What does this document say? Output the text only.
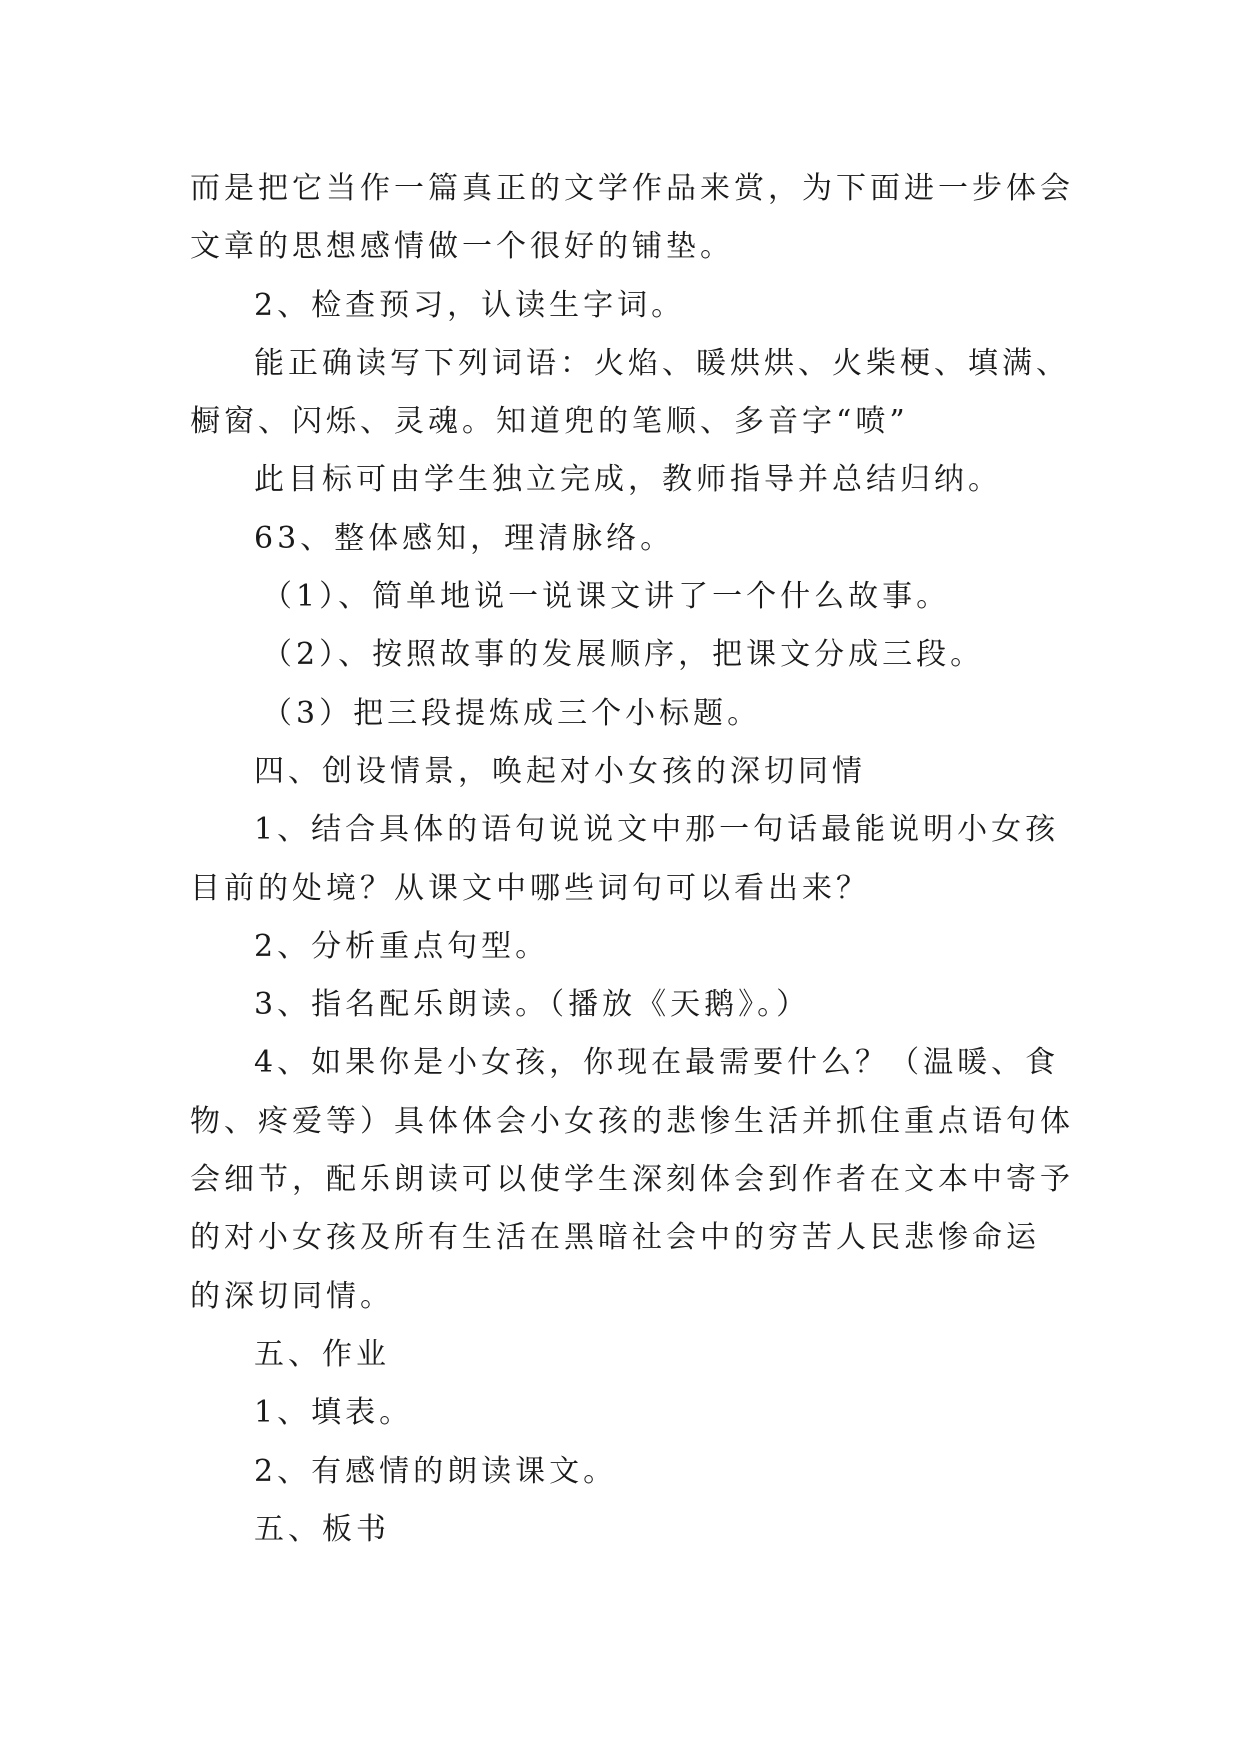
而是把它当作一篇真正的文学作品来赏，为下面进一步体会
文章的思想感情做一个很好的铺垫。
2、检查预习，认读生字词。
能正确读写下列词语：火焰、暖烘烘、火柴梗、填满、
橱窗、闪烁、灵魂。知道兜的笔顺、多音字“喷”
此目标可由学生独立完成，教师指导并总结归纳。
63、整体感知，理清脉络。
（1）、简单地说一说课文讲了一个什么故事。
（2）、按照故事的发展顺序，把课文分成三段。
（3）把三段提炼成三个小标题。
四、创设情景，唤起对小女孩的深切同情
1、结合具体的语句说说文中那一句话最能说明小女孩
目前的处境？从课文中哪些词句可以看出来？
2、分析重点句型。
3、指名配乐朗读。（播放《天鹅》。）
4、如果你是小女孩，你现在最需要什么？（温暖、食
物、疼爱等）具体体会小女孩的悲惨生活并抓住重点语句体
会细节，配乐朗读可以使学生深刻体会到作者在文本中寄予
的对小女孩及所有生活在黑暗社会中的穷苦人民悲惨命运
的深切同情。
五、作业
1、填表。
2、有感情的朗读课文。
五、板书
